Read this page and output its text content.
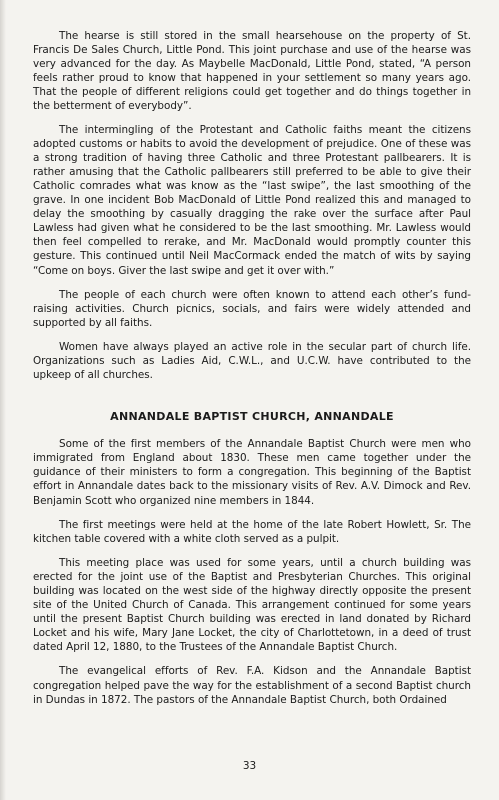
The hearse is still stored in the small hearsehouse on the property of St. Francis De Sales Church, Little Pond. This joint purchase and use of the hearse was very advanced for the day. As Maybelle MacDonald, Little Pond, stated, “A person feels rather proud to know that happened in your settlement so many years ago. That the people of different religions could get together and do things together in the betterment of everybody”.

The intermingling of the Protestant and Catholic faiths meant the citizens adopted customs or habits to avoid the development of prejudice. One of these was a strong tradition of having three Catholic and three Protestant pallbearers. It is rather amusing that the Catholic pallbearers still preferred to be able to give their Catholic comrades what was know as the “last swipe”, the last smoothing of the grave. In one incident Bob MacDonald of Little Pond realized this and managed to delay the smoothing by casually dragging the rake over the surface after Paul Lawless had given what he considered to be the last smoothing. Mr. Lawless would then feel compelled to rerake, and Mr. MacDonald would promptly counter this gesture. This continued until Neil MacCormack ended the match of wits by saying “Come on boys. Giver the last swipe and get it over with.”

The people of each church were often known to attend each other’s fund-raising activities. Church picnics, socials, and fairs were widely attended and supported by all faiths.

Women have always played an active role in the secular part of church life. Organizations such as Ladies Aid, C.W.L., and U.C.W. have contributed to the upkeep of all churches.

ANNANDALE BAPTIST CHURCH, ANNANDALE

Some of the first members of the Annandale Baptist Church were men who immigrated from England about 1830. These men came together under the guidance of their ministers to form a congregation. This beginning of the Baptist effort in Annandale dates back to the missionary visits of Rev. A.V. Dimock and Rev. Benjamin Scott who organized nine members in 1844.

The first meetings were held at the home of the late Robert Howlett, Sr. The kitchen table covered with a white cloth served as a pulpit.

This meeting place was used for some years, until a church building was erected for the joint use of the Baptist and Presbyterian Churches. This original building was located on the west side of the highway directly opposite the present site of the United Church of Canada. This arrangement continued for some years until the present Baptist Church building was erected in land donated by Richard Locket and his wife, Mary Jane Locket, the city of Charlottetown, in a deed of trust dated April 12, 1880, to the Trustees of the Annandale Baptist Church.

The evangelical efforts of Rev. F.A. Kidson and the Annandale Baptist congregation helped pave the way for the establishment of a second Baptist church in Dundas in 1872. The pastors of the Annandale Baptist Church, both Ordained

33
